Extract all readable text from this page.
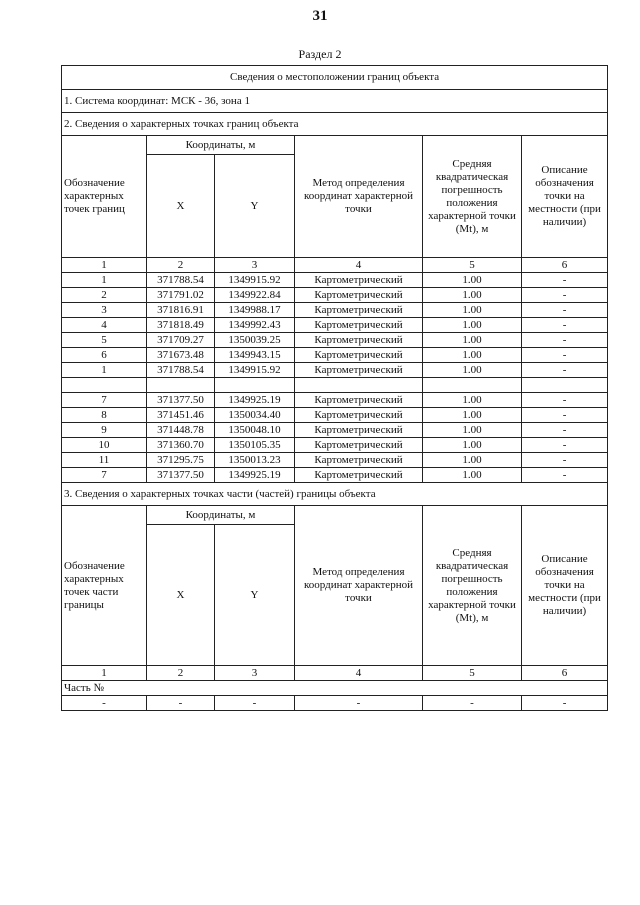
31
Раздел 2
Сведения о местоположении границ объекта					
1. Система координат: МСК - 36, зона 1					
2. Сведения о характерных точках границ объекта					
Обозначение характерных точек границ	Координаты, м		Метод определения координат характерной точки	Средняя квадратическая погрешность положения характерной точки (Mt), м	Описание обозначения точки на местности (при наличии)
	X	Y			
1	2	3	4	5	6
1	371788.54	1349915.92	Картометрический	1.00	-
2	371791.02	1349922.84	Картометрический	1.00	-
3	371816.91	1349988.17	Картометрический	1.00	-
4	371818.49	1349992.43	Картометрический	1.00	-
5	371709.27	1350039.25	Картометрический	1.00	-
6	371673.48	1349943.15	Картометрический	1.00	-
1	371788.54	1349915.92	Картометрический	1.00	-

7	371377.50	1349925.19	Картометрический	1.00	-
8	371451.46	1350034.40	Картометрический	1.00	-
9	371448.78	1350048.10	Картометрический	1.00	-
10	371360.70	1350105.35	Картометрический	1.00	-
11	371295.75	1350013.23	Картометрический	1.00	-
7	371377.50	1349925.19	Картометрический	1.00	-
3. Сведения о характерных точках части (частей) границы объекта					
Обозначение характерных точек части границы	Координаты, м		Метод определения координат характерной точки	Средняя квадратическая погрешность положения характерной точки (Mt), м	Описание обозначения точки на местности (при наличии)
	X	Y			
1	2	3	4	5	6
Часть №					
-	-	-	-	-	-
